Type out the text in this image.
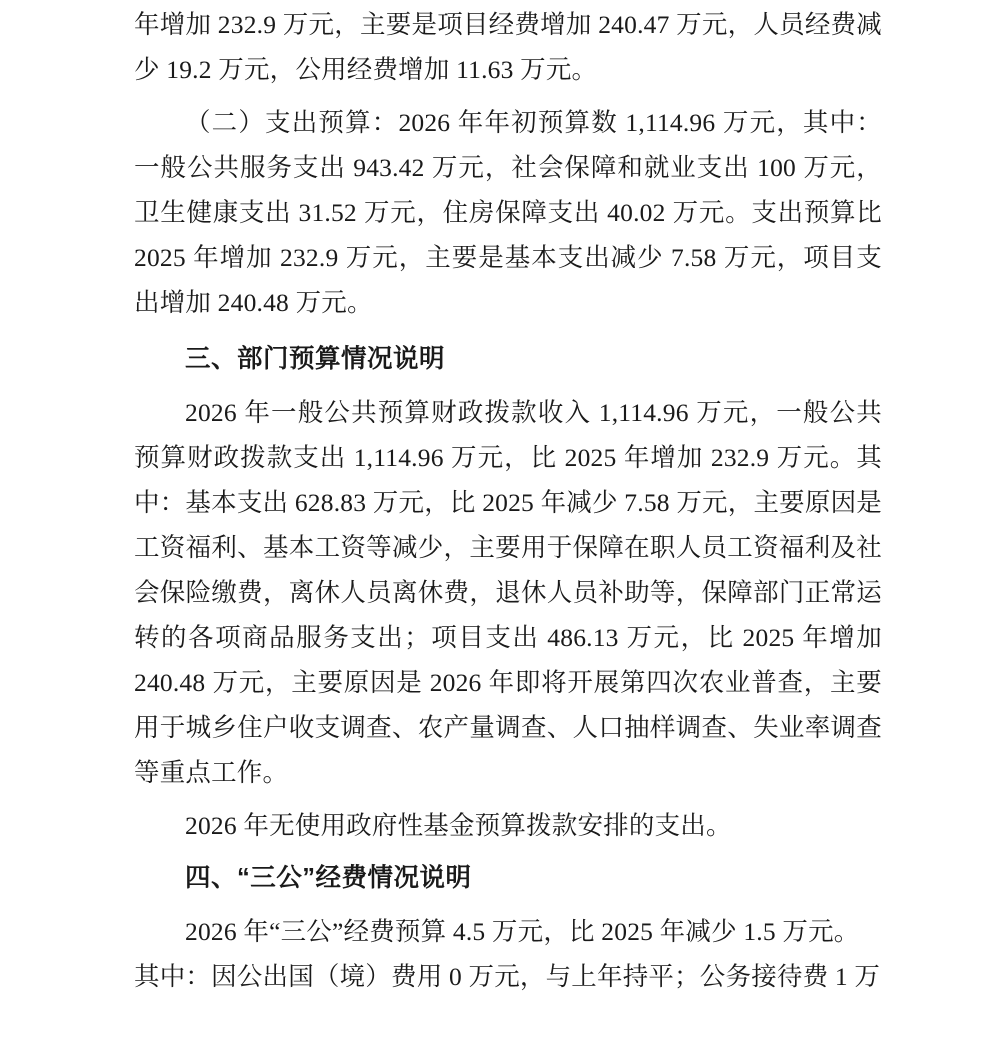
年增加 232.9 万元，主要是项目经费增加 240.47 万元，人员经费减少 19.2 万元，公用经费增加 11.63 万元。

（二）支出预算：2026 年年初预算数 1,114.96 万元，其中：一般公共服务支出 943.42 万元，社会保障和就业支出 100 万元，卫生健康支出 31.52 万元，住房保障支出 40.02 万元。支出预算比 2025 年增加 232.9 万元，主要是基本支出减少 7.58 万元，项目支出增加 240.48 万元。

三、部门预算情况说明

2026 年一般公共预算财政拨款收入 1,114.96 万元，一般公共预算财政拨款支出 1,114.96 万元，比 2025 年增加 232.9 万元。其中：基本支出 628.83 万元，比 2025 年减少 7.58 万元，主要原因是工资福利、基本工资等减少，主要用于保障在职人员工资福利及社会保险缴费，离休人员离休费，退休人员补助等，保障部门正常运转的各项商品服务支出；项目支出 486.13 万元，比 2025 年增加 240.48 万元，主要原因是 2026 年即将开展第四次农业普查，主要用于城乡住户收支调查、农产量调查、人口抽样调查、失业率调查等重点工作。

2026 年无使用政府性基金预算拨款安排的支出。

四、“三公”经费情况说明

2026 年“三公”经费预算 4.5 万元，比 2025 年减少 1.5 万元。

其中：因公出国（境）费用 0 万元，与上年持平；公务接待费 1 万
